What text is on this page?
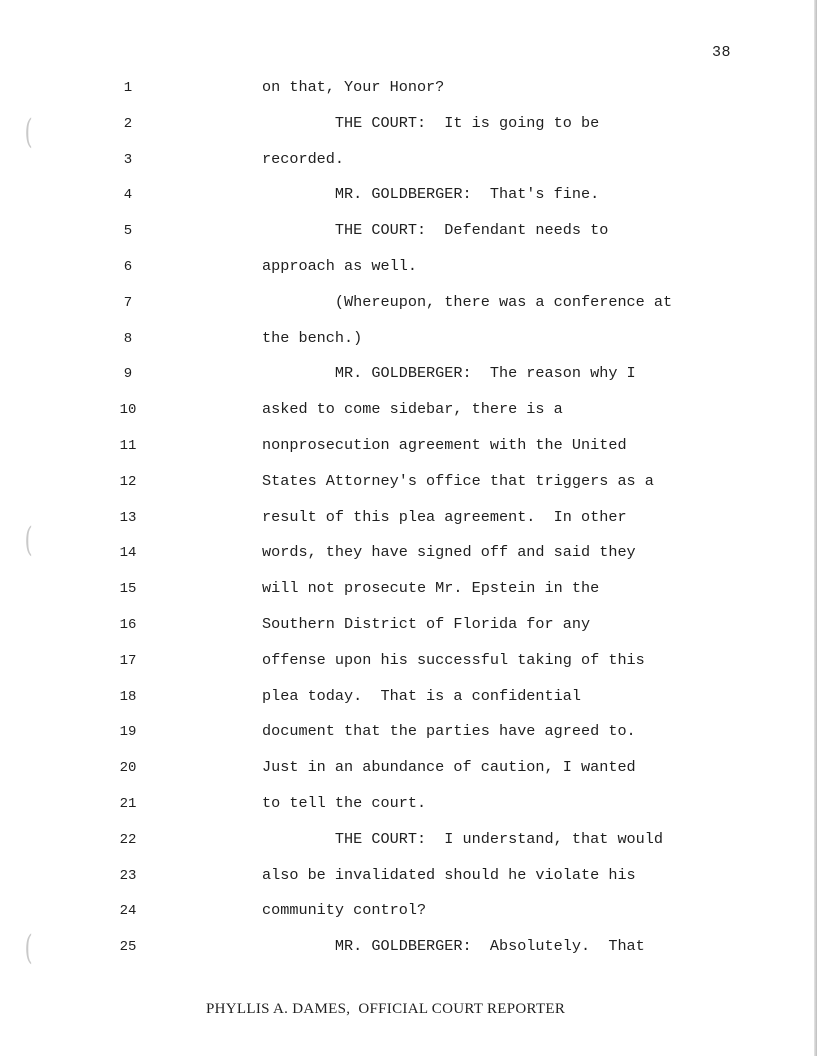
(
(
(
38
1
2
3
4
5
6
7
8
9
10
11
12
13
14
15
16
17
18
19
20
21
22
23
24
25
on that, Your Honor?
THE COURT:  It is going to be
recorded.
MR. GOLDBERGER:  That's fine.
THE COURT:  Defendant needs to
approach as well.
(Whereupon, there was a conference at
the bench.)
MR. GOLDBERGER:  The reason why I
asked to come sidebar, there is a
nonprosecution agreement with the United
States Attorney's office that triggers as a
result of this plea agreement.  In other
words, they have signed off and said they
will not prosecute Mr. Epstein in the
Southern District of Florida for any
offense upon his successful taking of this
plea today.  That is a confidential
document that the parties have agreed to.
Just in an abundance of caution, I wanted
to tell the court.
THE COURT:  I understand, that would
also be invalidated should he violate his
community control?
MR. GOLDBERGER:  Absolutely.  That
PHYLLIS A. DAMES,  OFFICIAL COURT REPORTER
